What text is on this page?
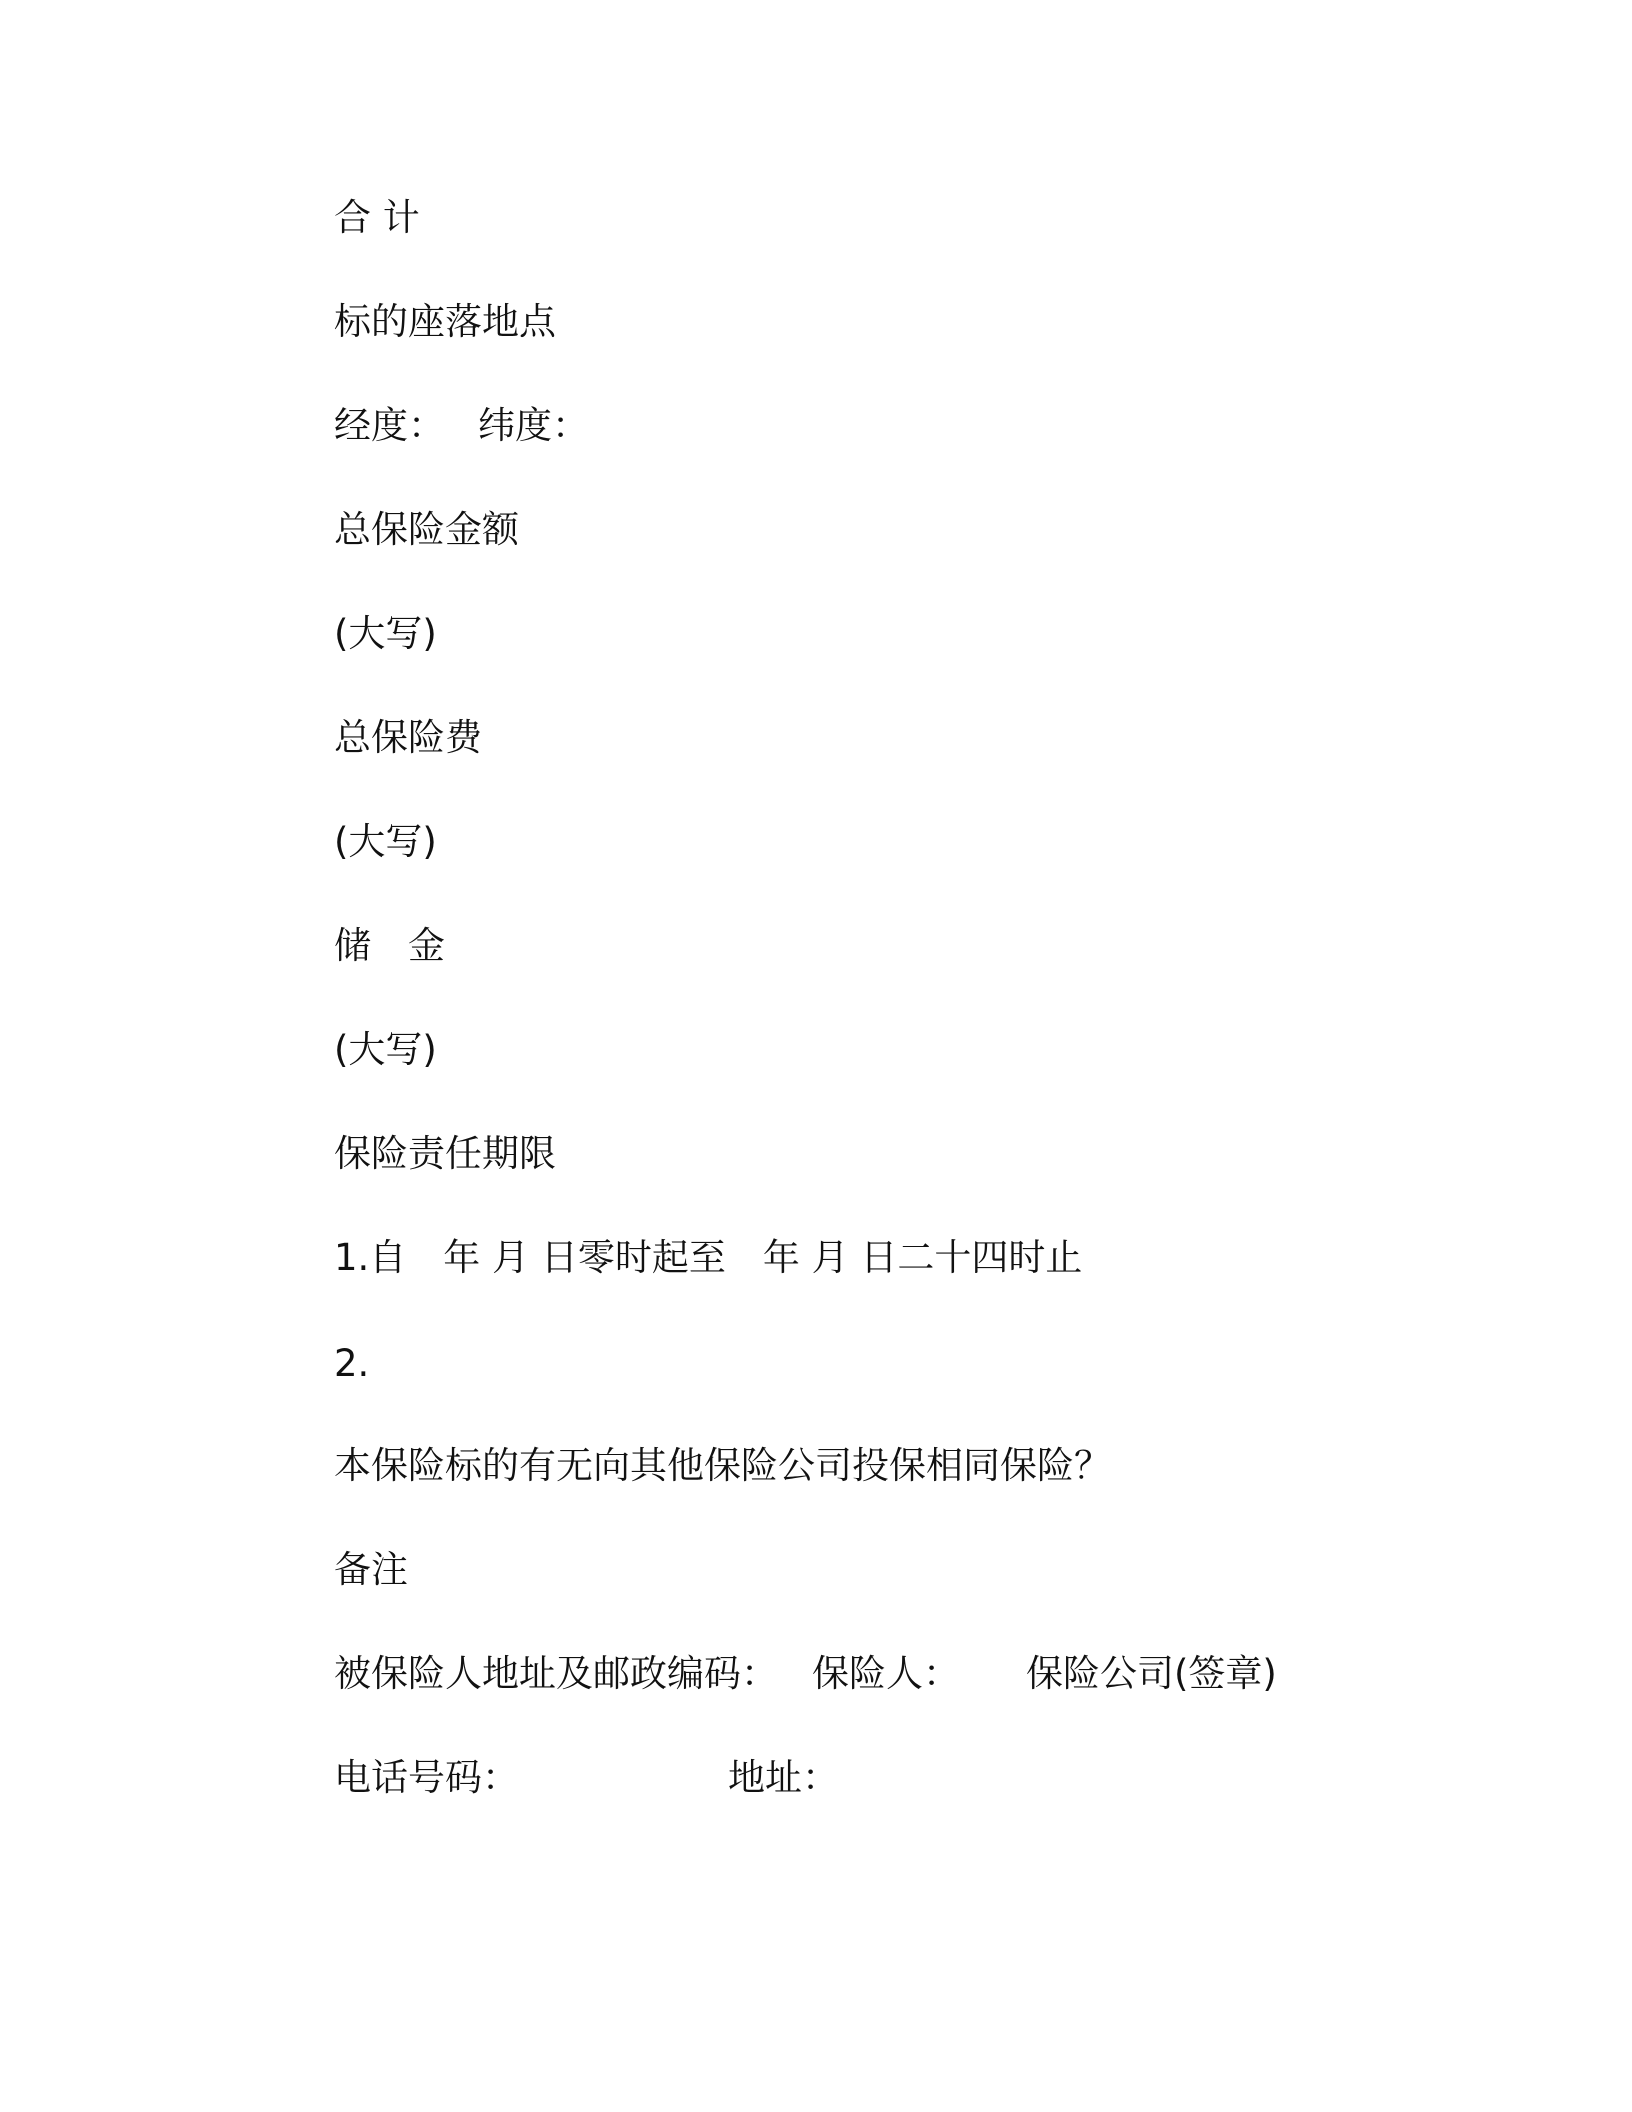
合 计
标的座落地点

经度：

纬度：

总保险金额
(大写)
总保险费
(大写)
储　金
(大写)
保险责任期限
1.自　年 月 日零时起至　年 月 日二十四时止
2.
本保险标的有无向其他保险公司投保相同保险？
备注

被保险人地址及邮政编码：

保险人：

保险公司(签章)

电话号码：

	地址：
